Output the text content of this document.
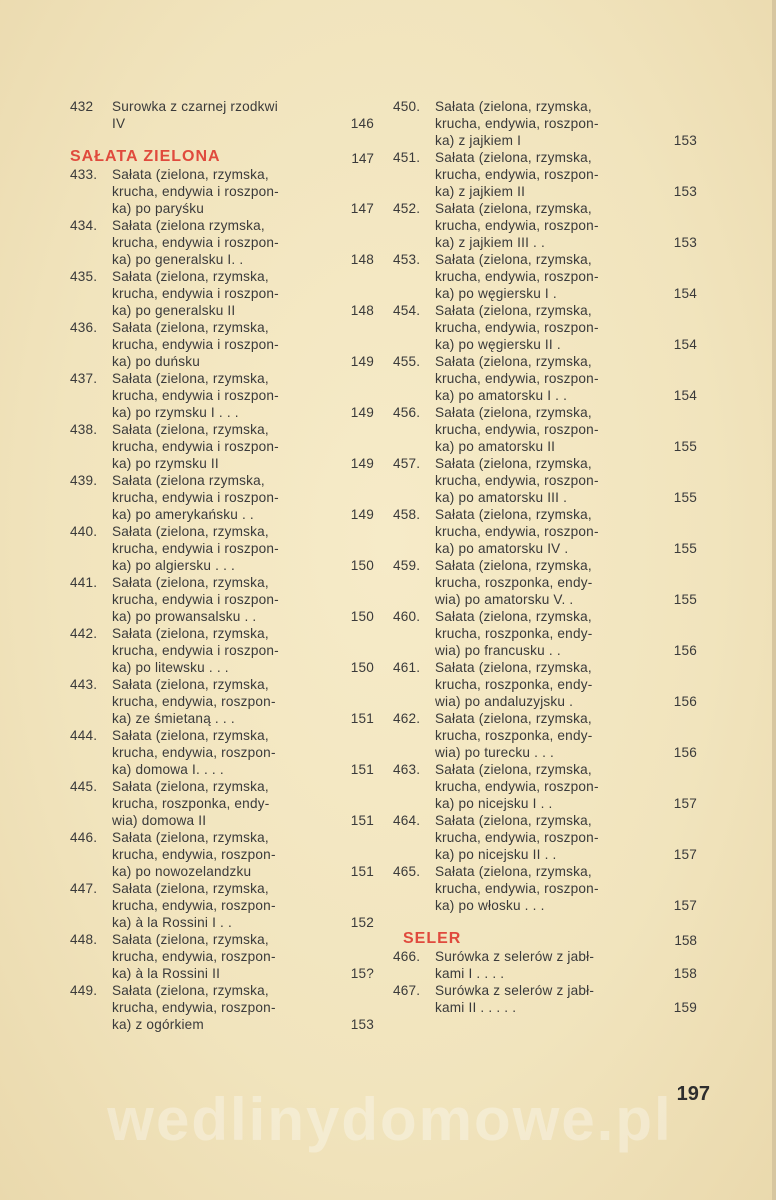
432	Surowka z czarnej rzodkwi
IV	146
SAŁATA ZIELONA	147
433.	Sałata (zielona, rzymska,
krucha, endywia i roszpon-
ka) po paryśku	147
434.	Sałata (zielona rzymska,
krucha, endywia i roszpon-
ka) po generalsku I. .	148
435.	Sałata (zielona, rzymska,
krucha, endywia i roszpon-
ka) po generalsku II	148
436.	Sałata (zielona, rzymska,
krucha, endywia i roszpon-
ka) po duńsku	149
437.	Sałata (zielona, rzymska,
krucha, endywia i roszpon-
ka) po rzymsku I . . .	149
438.	Sałata (zielona, rzymska,
krucha, endywia i roszpon-
ka) po rzymsku II	149
439.	Sałata (zielona rzymska,
krucha, endywia i roszpon-
ka) po amerykańsku . .	149
440.	Sałata (zielona, rzymska,
krucha, endywia i roszpon-
ka) po algiersku . . .	150
441.	Sałata (zielona, rzymska,
krucha, endywia i roszpon-
ka) po prowansalsku . .	150
442.	Sałata (zielona, rzymska,
krucha, endywia i roszpon-
ka) po litewsku . . .	150
443.	Sałata (zielona, rzymska,
krucha, endywia, roszpon-
ka) ze śmietaną . . .	151
444.	Sałata (zielona, rzymska,
krucha, endywia, roszpon-
ka) domowa I. . . .	151
445.	Sałata (zielona, rzymska,
krucha, roszponka, endy-
wia) domowa II	151
446.	Sałata (zielona, rzymska,
krucha, endywia, roszpon-
ka) po nowozelandzku	151
447.	Sałata (zielona, rzymska,
krucha, endywia, roszpon-
ka) à la Rossini I . .	152
448.	Sałata (zielona, rzymska,
krucha, endywia, roszpon-
ka) à la Rossini II	15?
449.	Sałata (zielona, rzymska,
krucha, endywia, roszpon-
ka) z ogórkiem	153
450.	Sałata (zielona, rzymska,
krucha, endywia, roszpon-
ka) z jajkiem I	153
451.	Sałata (zielona, rzymska,
krucha, endywia, roszpon-
ka) z jajkiem II	153
452.	Sałata (zielona, rzymska,
krucha, endywia, roszpon-
ka) z jajkiem III . .	153
453.	Sałata (zielona, rzymska,
krucha, endywia, roszpon-
ka) po węgiersku I .	154
454.	Sałata (zielona, rzymska,
krucha, endywia, roszpon-
ka) po węgiersku II .	154
455.	Sałata (zielona, rzymska,
krucha, endywia, roszpon-
ka) po amatorsku I . .	154
456.	Sałata (zielona, rzymska,
krucha, endywia, roszpon-
ka) po amatorsku II	155
457.	Sałata (zielona, rzymska,
krucha, endywia, roszpon-
ka) po amatorsku III .	155
458.	Sałata (zielona, rzymska,
krucha, endywia, roszpon-
ka) po amatorsku IV .	155
459.	Sałata (zielona, rzymska,
krucha, roszponka, endy-
wia) po amatorsku V. .	155
460.	Sałata (zielona, rzymska,
krucha, roszponka, endy-
wia) po francusku . .	156
461.	Sałata (zielona, rzymska,
krucha, roszponka, endy-
wia) po andaluzyjsku .	156
462.	Sałata (zielona, rzymska,
krucha, roszponka, endy-
wia) po turecku . . .	156
463.	Sałata (zielona, rzymska,
krucha, endywia, roszpon-
ka) po nicejsku I . .	157
464.	Sałata (zielona, rzymska,
krucha, endywia, roszpon-
ka) po nicejsku II . .	157
465.	Sałata (zielona, rzymska,
krucha, endywia, roszpon-
ka) po włosku . . .	157
SELER	158
466.	Surówka z selerów z jabł-
kami I . . . .	158
467.	Surówka z selerów z jabł-
kami II . . . . .	159
wedlinydomowe.pl 197
